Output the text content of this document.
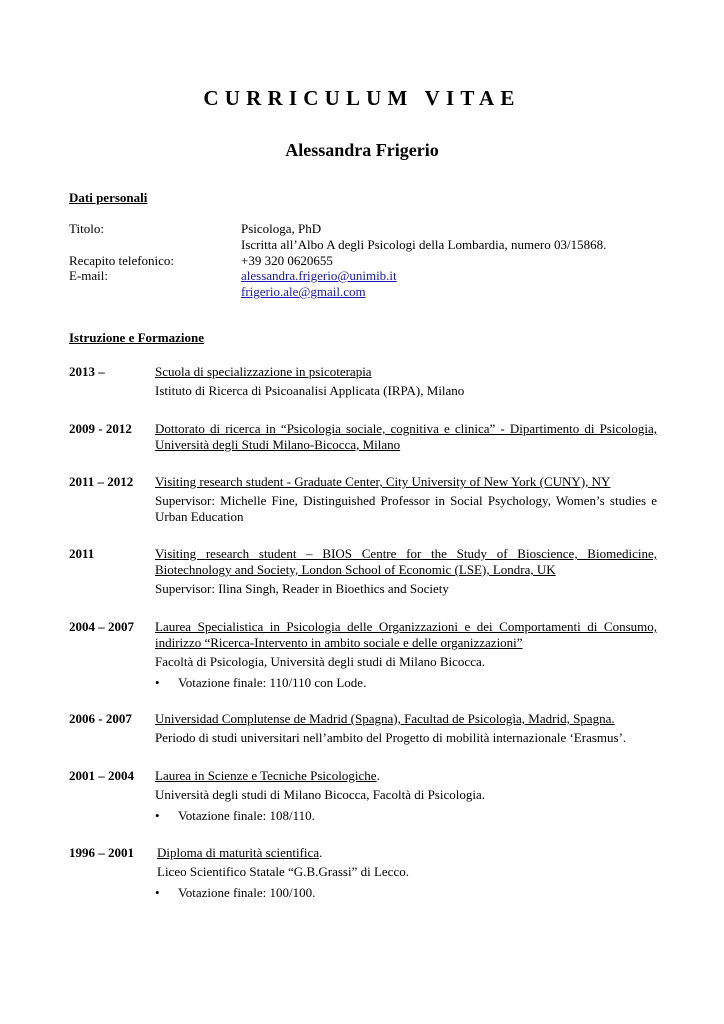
CURRICULUM VITAE
Alessandra Frigerio
Dati personali
Titolo:	Psicologa, PhD
Iscritta all’Albo A degli Psicologi della Lombardia, numero 03/15868.
Recapito telefonico:	+39 320 0620655
E-mail:	alessandra.frigerio@unimib.it
frigerio.ale@gmail.com
Istruzione e Formazione
2013 –	Scuola di specializzazione in psicoterapia

Istituto di Ricerca di Psicoanalisi Applicata (IRPA), Milano

2009 - 2012 Dottorato di ricerca in “Psicologia sociale, cognitiva e clinica” - Dipartimento di Psicologia,

Università degli Studi Milano-Bicocca, Milano

2011 – 2012 Visiting research student - Graduate Center, City University of New York (CUNY), NY

Supervisor: Michelle Fine, Distinguished Professor in Social Psychology, Women’s studies e

Urban Education

2011	Visiting research student – BIOS Centre for the Study of Bioscience, Biomedicine,

Biotechnology and Society, London School of Economic (LSE), Londra, UK

Supervisor: Ilina Singh, Reader in Bioethics and Society

2004 – 2007 Laurea Specialistica in Psicologia delle Organizzazioni e dei Comportamenti di Consumo,

indirizzo “Ricerca-Intervento in ambito sociale e delle organizzazioni”

Facoltà di Psicologia, Università degli studi di Milano Bicocca.

• Votazione finale: 110/110 con Lode.

2006 - 2007 Universidad Complutense de Madrid (Spagna), Facultad de Psicologìa, Madrid, Spagna.

Periodo di studi universitari nell’ambito del Progetto di mobilità internazionale ‘Erasmus’.

2001 – 2004 Laurea in Scienze e Tecniche Psicologiche.

Università degli studi di Milano Bicocca, Facoltà di Psicologia.

• Votazione finale: 108/110.

1996 – 2001 Diploma di maturità scientifica.

Liceo Scientifico Statale “G.B.Grassi” di Lecco.

• Votazione finale: 100/100.
